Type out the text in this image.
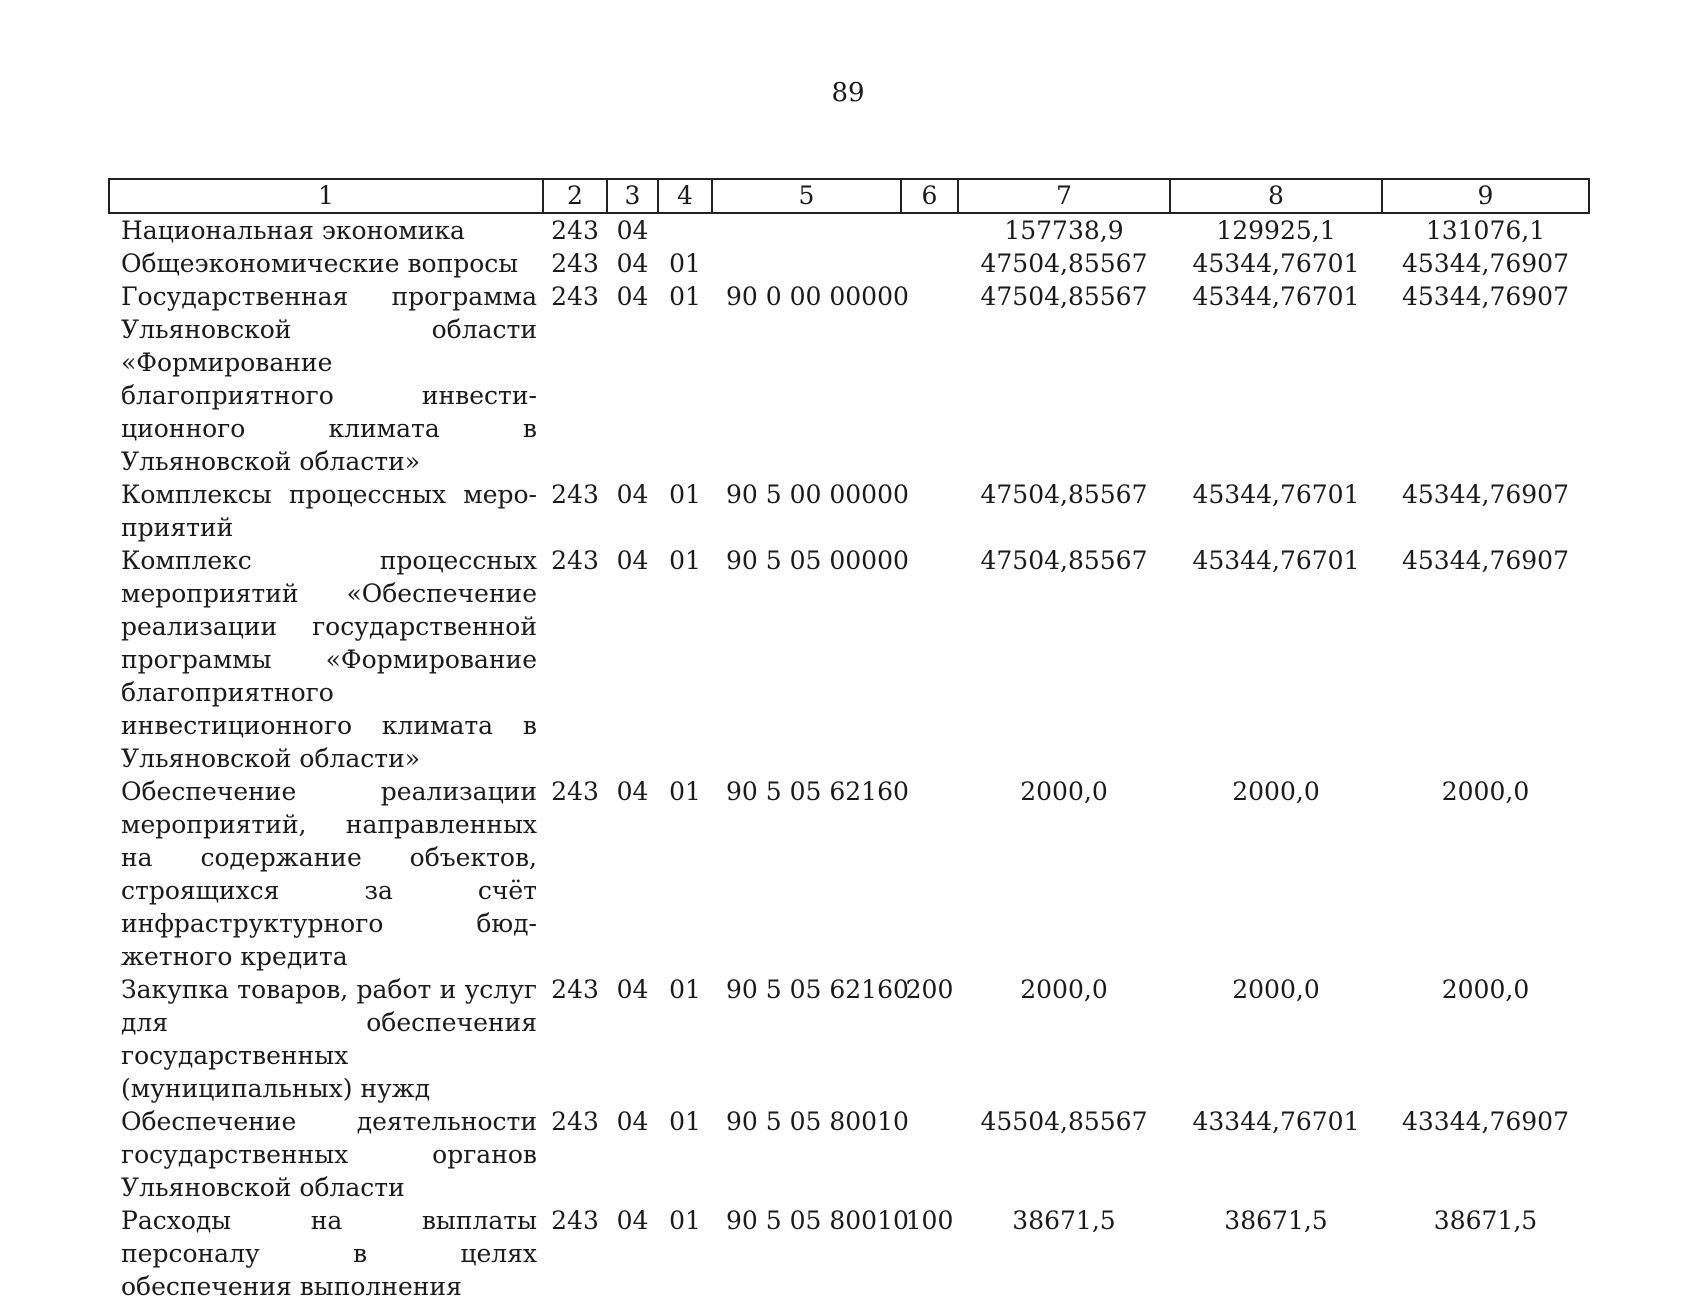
89
1	2	3	4	5	6	7	8	9
Национальная экономика	243	04				157738,9	129925,1	131076,1
Общеэкономические вопросы	243	04	01			47504,85567	45344,76701	45344,76907
Государственная программа Ульяновской области «Формирование благоприятного инвестиционного климата в Ульяновской области»	243	04	01	90 0 00 00000		47504,85567	45344,76701	45344,76907
Комплексы процессных мероприятий	243	04	01	90 5 00 00000		47504,85567	45344,76701	45344,76907
Комплекс процессных мероприятий «Обеспечение реализации государственной программы «Формирование благоприятного инвестиционного климата в Ульяновской области»	243	04	01	90 5 05 00000		47504,85567	45344,76701	45344,76907
Обеспечение реализации мероприятий, направленных на содержание объектов, строящихся за счёт инфраструктурного бюджетного кредита	243	04	01	90 5 05 62160		2000,0	2000,0	2000,0
Закупка товаров, работ и услуг для обеспечения государственных (муниципальных) нужд	243	04	01	90 5 05 62160	200	2000,0	2000,0	2000,0
Обеспечение деятельности государственных органов Ульяновской области	243	04	01	90 5 05 80010		45504,85567	43344,76701	43344,76907
Расходы на выплаты персоналу в целях обеспечения выполнения	243	04	01	90 5 05 80010	100	38671,5	38671,5	38671,5
